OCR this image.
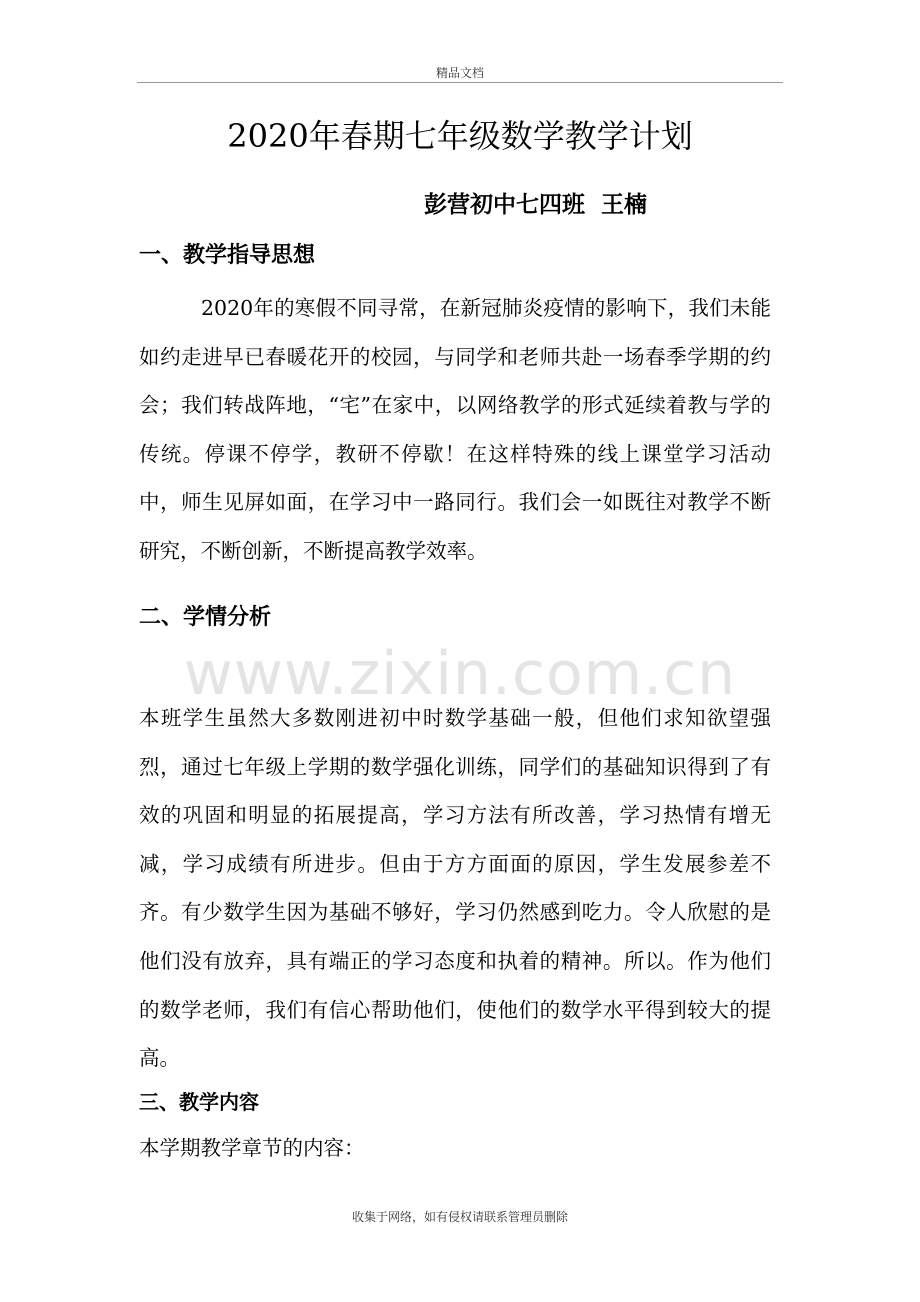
精品文档
2020年春期七年级数学教学计划
彭营初中七四班  王楠
一、教学指导思想
2020年的寒假不同寻常，在新冠肺炎疫情的影响下，我们未能如约走进早已春暖花开的校园，与同学和老师共赴一场春季学期的约会；我们转战阵地，“宅”在家中，以网络教学的形式延续着教与学的传统。停课不停学，教研不停歇！在这样特殊的线上课堂学习活动中，师生见屏如面，在学习中一路同行。我们会一如既往对教学不断研究，不断创新，不断提高教学效率。
二、学情分析
www.zixin.com.cn
本班学生虽然大多数刚进初中时数学基础一般，但他们求知欲望强烈，通过七年级上学期的数学强化训练，同学们的基础知识得到了有效的巩固和明显的拓展提高，学习方法有所改善，学习热情有增无减，学习成绩有所进步。但由于方方面面的原因，学生发展参差不齐。有少数学生因为基础不够好，学习仍然感到吃力。令人欣慰的是他们没有放弃，具有端正的学习态度和执着的精神。所以。作为他们的数学老师，我们有信心帮助他们，使他们的数学水平得到较大的提高。
三、教学内容
本学期教学章节的内容：
收集于网络，如有侵权请联系管理员删除
